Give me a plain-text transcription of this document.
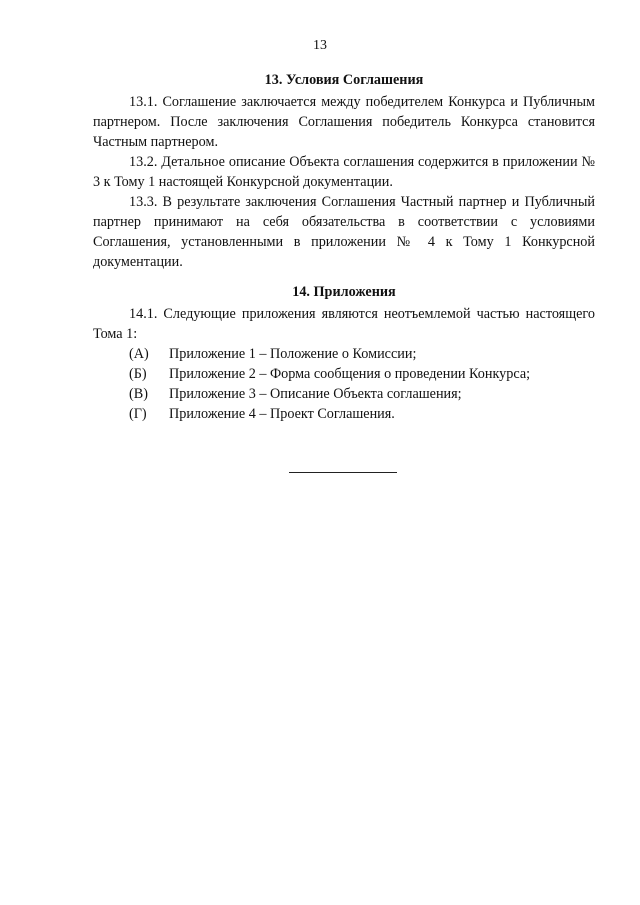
13
13. Условия Соглашения

13.1. Соглашение заключается между победителем Конкурса и Публичным партнером. После заключения Соглашения победитель Конкурса становится Частным партнером.

13.2. Детальное описание Объекта соглашения содержится в приложении № 3 к Тому 1 настоящей Конкурсной документации.

13.3. В результате заключения Соглашения Частный партнер и Публичный партнер принимают на себя обязательства в соответствии с условиями Соглашения, установленными в приложении № 4 к Тому 1 Конкурсной документации.

14. Приложения

14.1. Следующие приложения являются неотъемлемой частью настоящего Тома 1:

(А)	Приложение 1 – Положение о Комиссии;
(Б)	Приложение 2 – Форма сообщения о проведении Конкурса;
(В)	Приложение 3 – Описание Объекта соглашения;
(Г)	Приложение 4 – Проект Соглашения.
